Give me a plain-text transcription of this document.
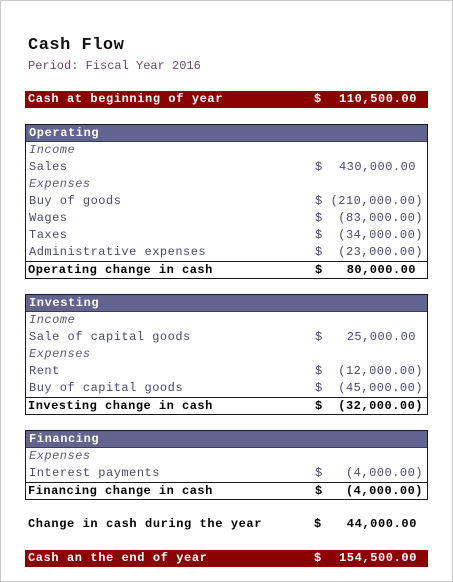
Cash Flow
Period: Fiscal Year 2016
Cash at beginning of year	$ 110,500.00
Operating
Income
Sales	$ 430,000.00
Expenses
Buy of goods	$ (210,000.00)
Wages	$ (83,000.00)
Taxes	$ (34,000.00)
Administrative expenses	$ (23,000.00)
Operating change in cash	$ 80,000.00
Investing
Income
Sale of capital goods	$ 25,000.00
Expenses
Rent	$ (12,000.00)
Buy of capital goods	$ (45,000.00)
Investing change in cash	$ (32,000.00)
Financing
Expenses
Interest payments	$ (4,000.00)
Financing change in cash	$ (4,000.00)
Change in cash during the year	$ 44,000.00
Cash an the end of year	$ 154,500.00
